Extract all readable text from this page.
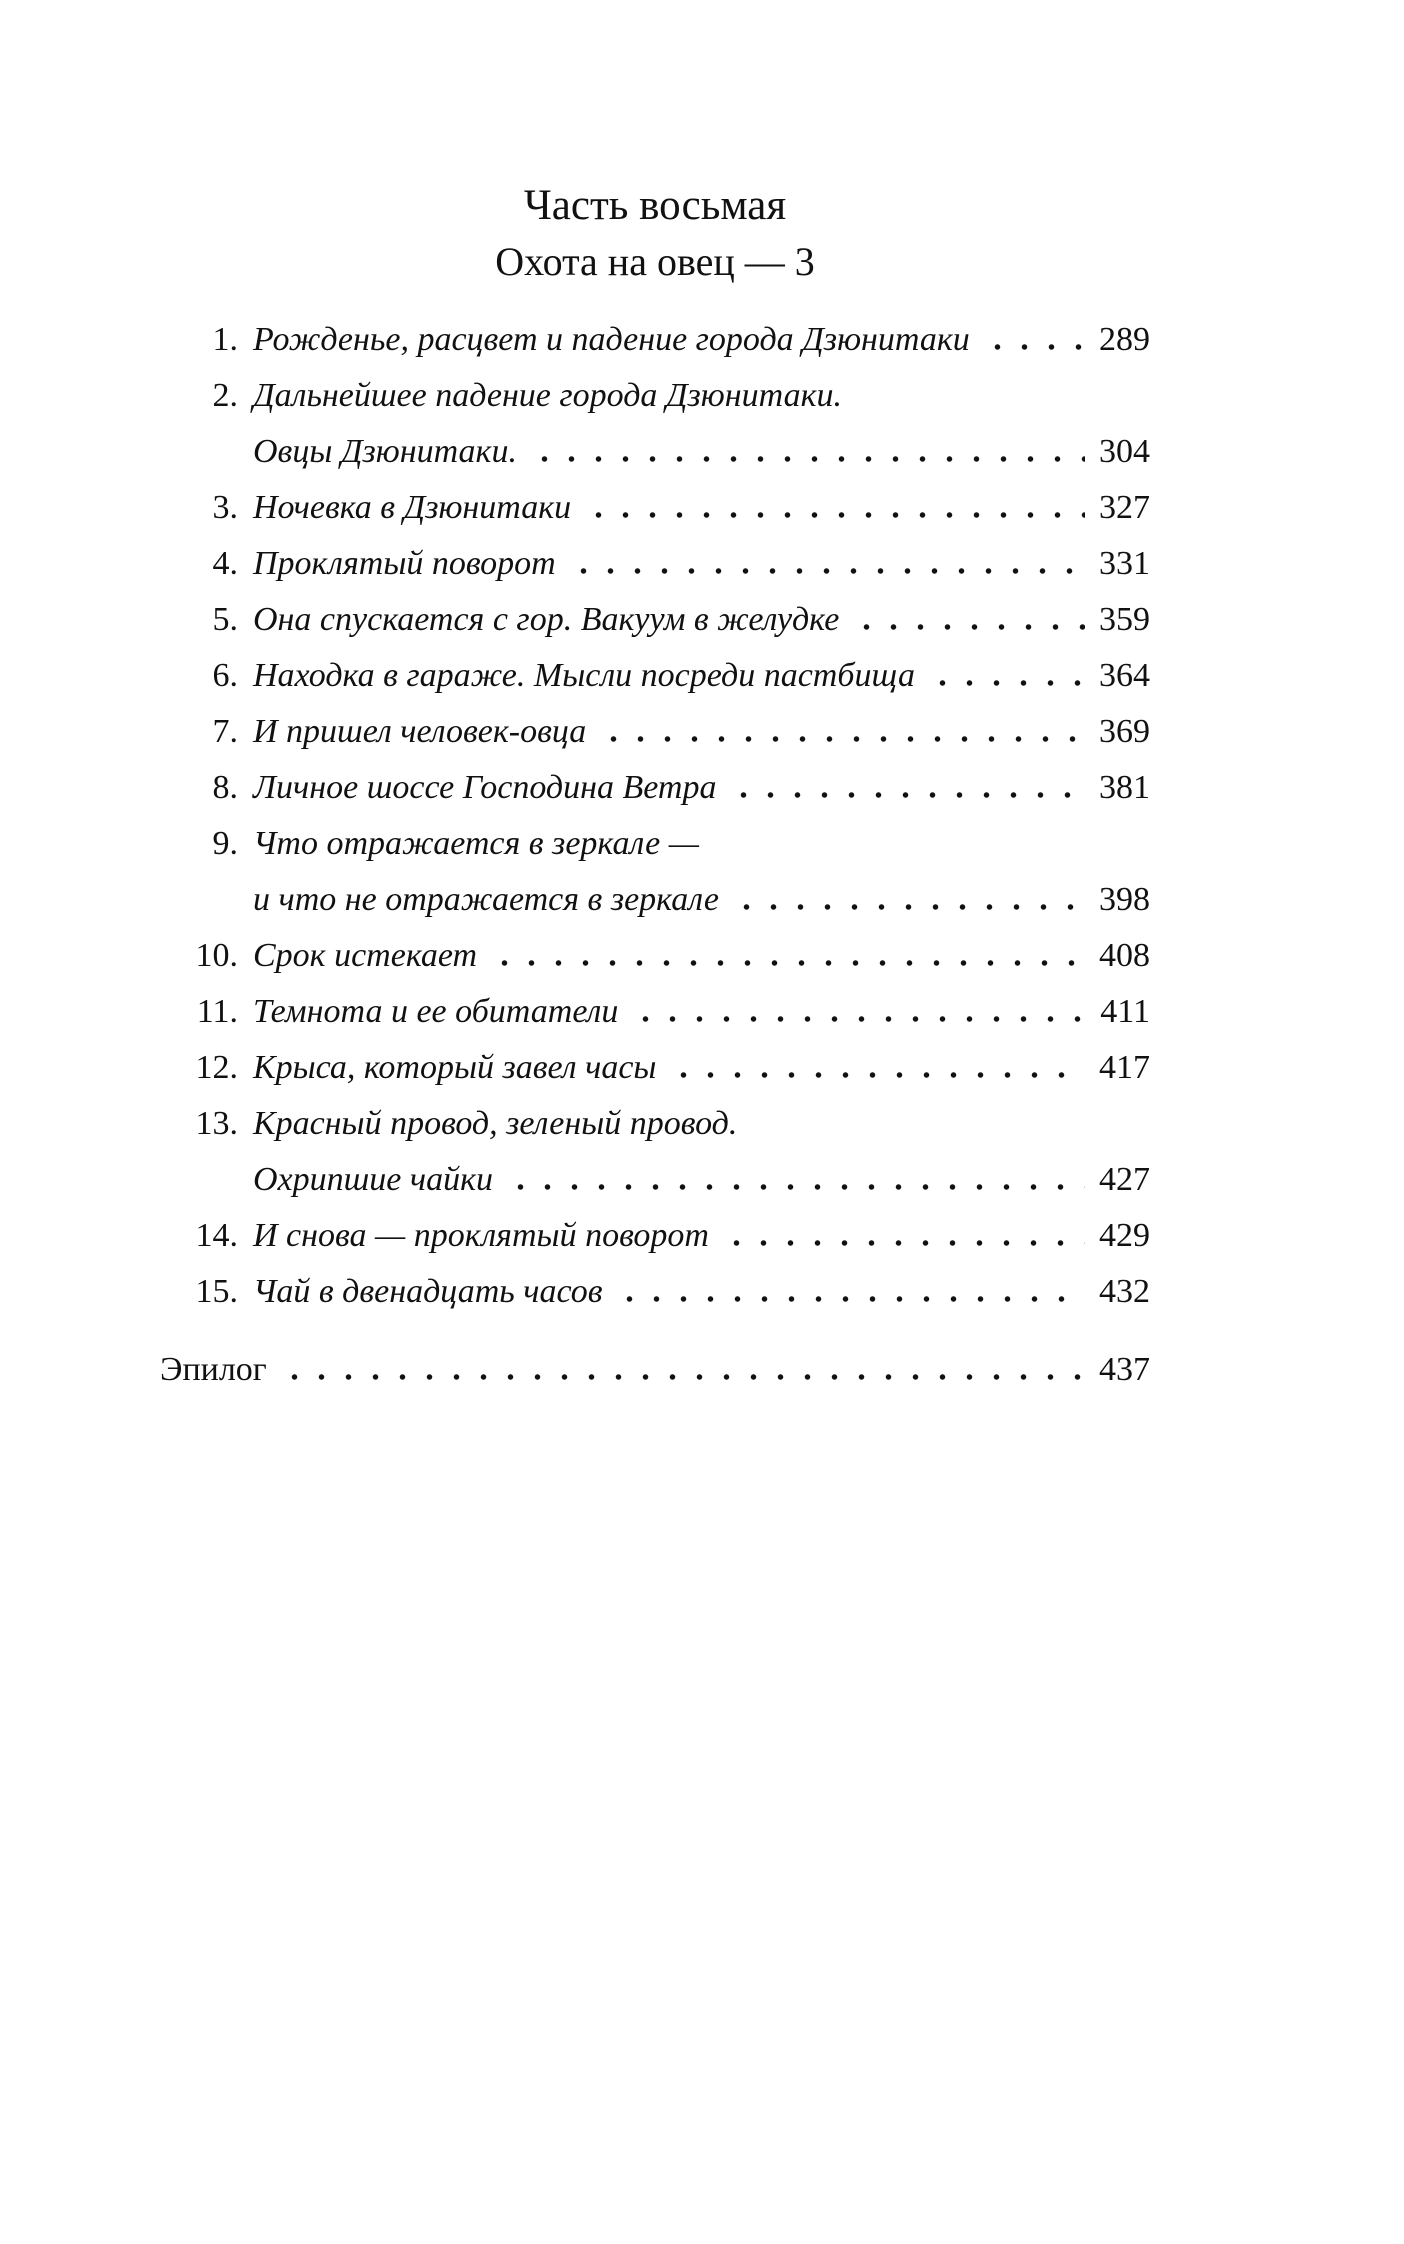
Часть восьмая
Охота на овец — 3
1. Рожденье, расцвет и падение города Дзюнитаки	289
2. Дальнейшее падение города Дзюнитаки.
Овцы Дзюнитаки.	304
3. Ночевка в Дзюнитаки	327
4. Проклятый поворот	331
5. Она спускается с гор. Вакуум в желудке	359
6. Находка в гараже. Мысли посреди пастбища	364
7. И пришел человек-овца	369
8. Личное шоссе Господина Ветра	381
9. Что отражается в зеркале —
и что не отражается в зеркале	398
10. Срок истекает	408
11. Темнота и ее обитатели	411
12. Крыса, который завел часы	417
13. Красный провод, зеленый провод.
Охрипшие чайки	427
14. И снова — проклятый поворот	429
15. Чай в двенадцать часов	432
Эпилог	437
